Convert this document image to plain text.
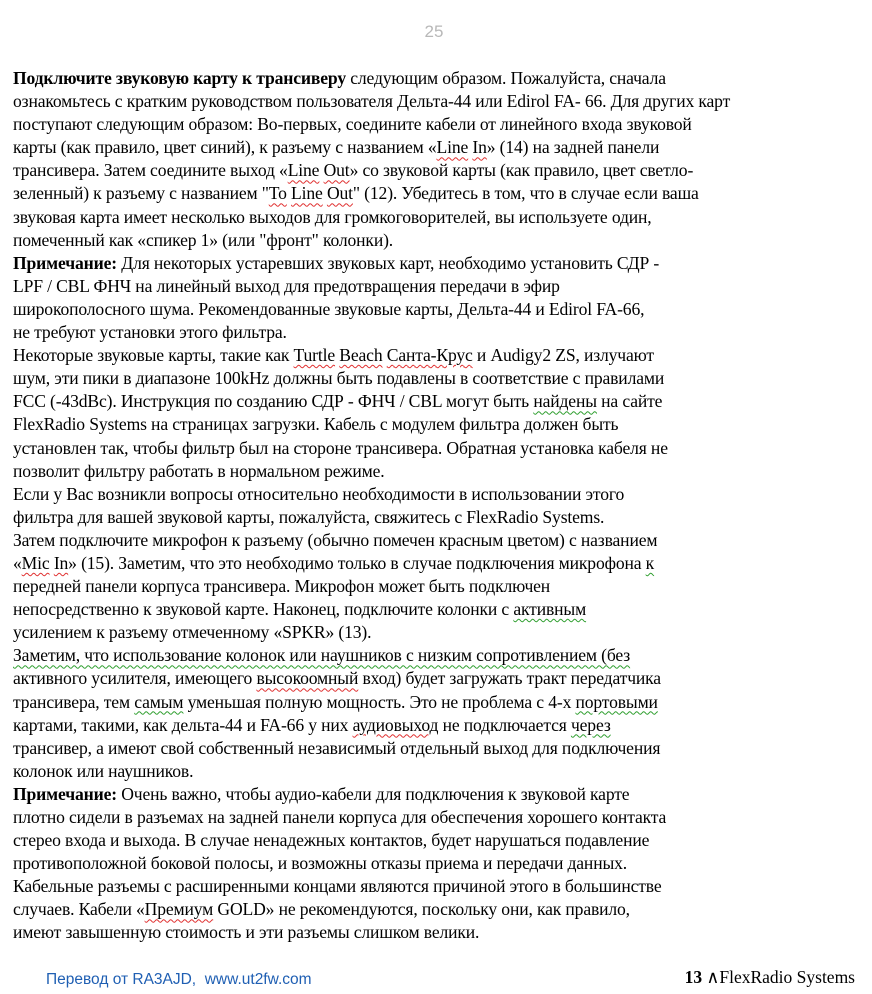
25
Подключите звуковую карту к трансиверу следующим образом. Пожалуйста, сначала
ознакомьтесь с кратким руководством пользователя Дельта-44 или Edirol FA- 66. Для других карт
поступают следующим образом: Во-первых, соедините кабели от линейного входа звуковой
карты (как правило, цвет синий), к разъему с названием «Line In» (14) на задней панели
трансивера. Затем соедините выход «Line Out» со звуковой карты (как правило, цвет светло-
зеленный) к разъему с названием "To Line Out" (12). Убедитесь в том, что в случае если ваша
звуковая карта имеет несколько выходов для громкоговорителей, вы используете один,
помеченный как «спикер 1» (или "фронт" колонки).
Примечание: Для некоторых устаревших звуковых карт, необходимо установить СДР -
LPF / CBL ФНЧ на линейный выход для предотвращения передачи в эфир
широкополосного шума. Рекомендованные звуковые карты, Дельта-44 и Edirol FA-66,
не требуют установки этого фильтра.
Некоторые звуковые карты, такие как Turtle Beach Санта-Крус и Audigy2 ZS, излучают
шум, эти пики в диапазоне 100kHz должны быть подавлены в соответствие с правилами
FCC (-43dBc). Инструкция по созданию СДР - ФНЧ / CBL могут быть найдены на сайте
FlexRadio Systems на страницах загрузки. Кабель с модулем фильтра должен быть
установлен так, чтобы фильтр был на стороне трансивера. Обратная установка кабеля не
позволит фильтру работать в нормальном режиме.
Если у Вас возникли вопросы относительно необходимости в использовании этого
фильтра для вашей звуковой карты, пожалуйста, свяжитесь с FlexRadio Systems.
Затем подключите микрофон к разъему (обычно помечен красным цветом) с названием
«Mic In» (15). Заметим, что это необходимо только в случае подключения микрофона к
передней панели корпуса трансивера. Микрофон может быть подключен
непосредственно к звуковой карте. Наконец, подключите колонки с активным
усилением к разъему отмеченному «SPKR» (13).
Заметим, что использование колонок или наушников с низким сопротивлением (без
активного усилителя, имеющего высокоомный вход) будет загружать тракт передатчика
трансивера, тем самым уменьшая полную мощность. Это не проблема с 4-х портовыми
картами, такими, как дельта-44 и FA-66 у них аудиовыход не подключается через
трансивер, а имеют свой собственный независимый отдельный выход для подключения
колонок или наушников.
Примечание: Очень важно, чтобы аудио-кабели для подключения к звуковой карте
плотно сидели в разъемах на задней панели корпуса для обеспечения хорошего контакта
стерео входа и выхода. В случае ненадежных контактов, будет нарушаться подавление
противоположной боковой полосы, и возможны отказы приема и передачи данных.
Кабельные разъемы с расширенными концами являются причиной этого в большинстве
случаев. Кабели «Премиум GOLD» не рекомендуются, поскольку они, как правило,
имеют завышенную стоимость и эти разъемы слишком велики.
Перевод от RA3AJD,  www.ut2fw.com	13 ∧FlexRadio Systems
